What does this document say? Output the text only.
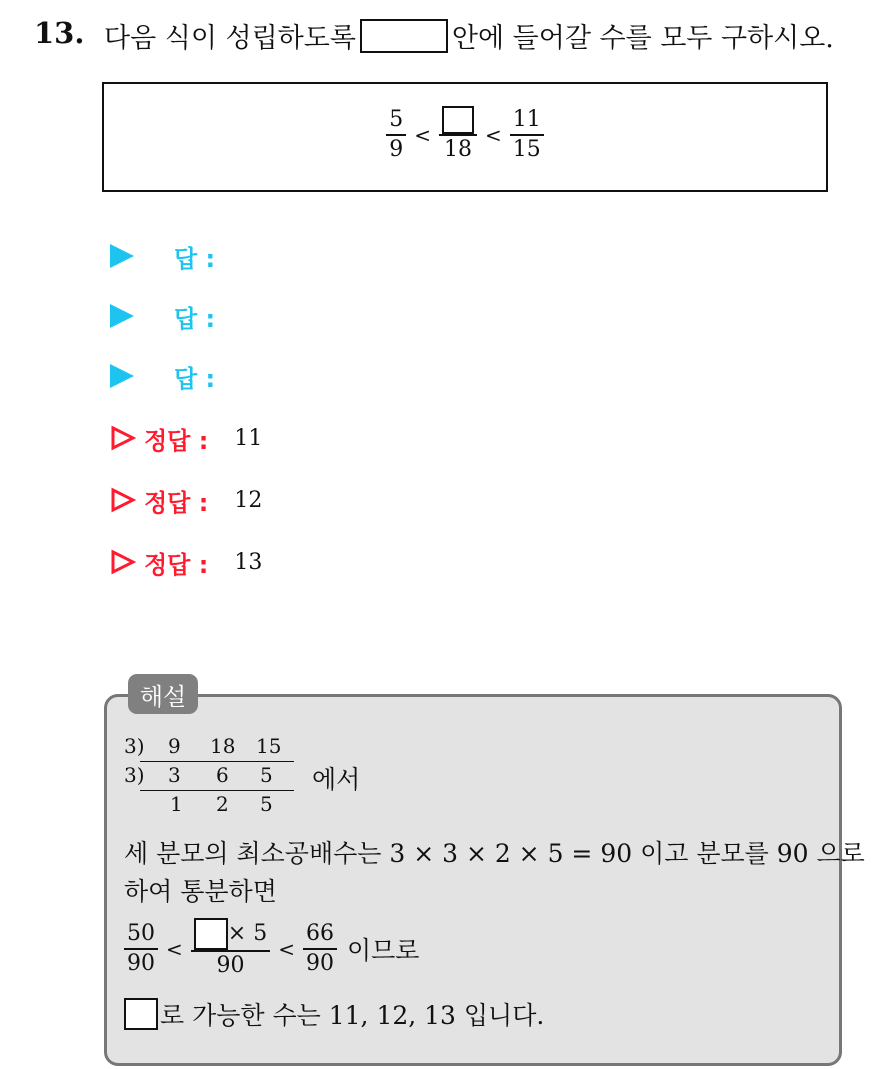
13. 다음 식이 성립하도록	안에 들어갈 수를 모두 구하시오.
$\frac{5}{9}$ <
18
< $\frac{11}{15}$
답 :
답 :
답 :
정답 : 11
정답 : 12
정답 : 13
해설
3) 9 18 15
3) 3 6 5
1 2 5
에서
세 분모의 최소공배수는 3 × 3 × 2 × 5 = 90 이고 분모를 90 으로
하여 통분하면
$\frac{50}{90} < \frac{\times 5}{90} < \frac{66}{90}$ 이므로
로 가능한 수는 11, 12, 13 입니다.
